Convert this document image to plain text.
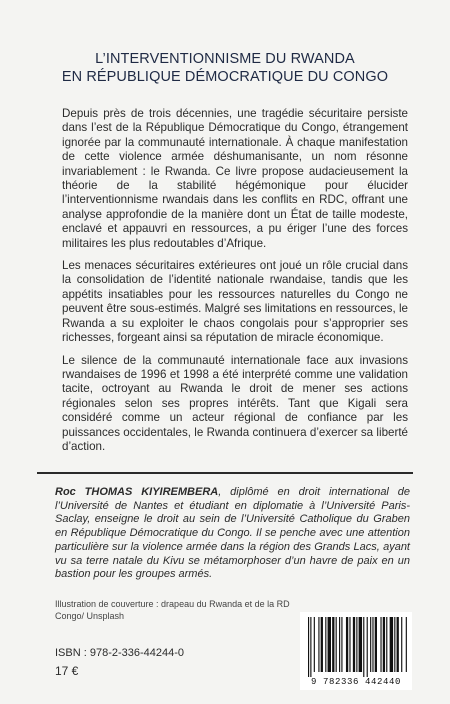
L’INTERVENTIONNISME DU RWANDA
EN RÉPUBLIQUE DÉMOCRATIQUE DU CONGO

Depuis près de trois décennies, une tragédie sécuritaire persiste dans l’est de la République Démocratique du Congo, étrangement ignorée par la communauté internationale. À chaque manifestation de cette violence armée déshumanisante, un nom résonne invariablement : le Rwanda. Ce livre propose audacieusement la théorie de la stabilité hégémonique pour élucider l’interventionnisme rwandais dans les conflits en RDC, offrant une analyse approfondie de la manière dont un État de taille modeste, enclavé et appauvri en ressources, a pu ériger l’une des forces militaires les plus redoutables d’Afrique.

Les menaces sécuritaires extérieures ont joué un rôle crucial dans la consolidation de l’identité nationale rwandaise, tandis que les appétits insatiables pour les ressources naturelles du Congo ne peuvent être sous-estimés. Malgré ses limitations en ressources, le Rwanda a su exploiter le chaos congolais pour s’approprier ses richesses, forgeant ainsi sa réputation de miracle économique.

Le silence de la communauté internationale face aux invasions rwandaises de 1996 et 1998 a été interprété comme une validation tacite, octroyant au Rwanda le droit de mener ses actions régionales selon ses propres intérêts. Tant que Kigali sera considéré comme un acteur régional de confiance par les puissances occidentales, le Rwanda continuera d’exercer sa liberté d’action.

Roc THOMAS KIYIREMBERA, diplômé en droit international de l’Université de Nantes et étudiant en diplomatie à l’Université Paris-Saclay, enseigne le droit au sein de l’Université Catholique du Graben en République Démocratique du Congo. Il se penche avec une attention particulière sur la violence armée dans la région des Grands Lacs, ayant vu sa terre natale du Kivu se métamorphoser d’un havre de paix en un bastion pour les groupes armés.
Illustration de couverture : drapeau du Rwanda et de la RD Congo/ Unsplash
ISBN : 978-2-336-44244-0
17 €
9 782336 442440
